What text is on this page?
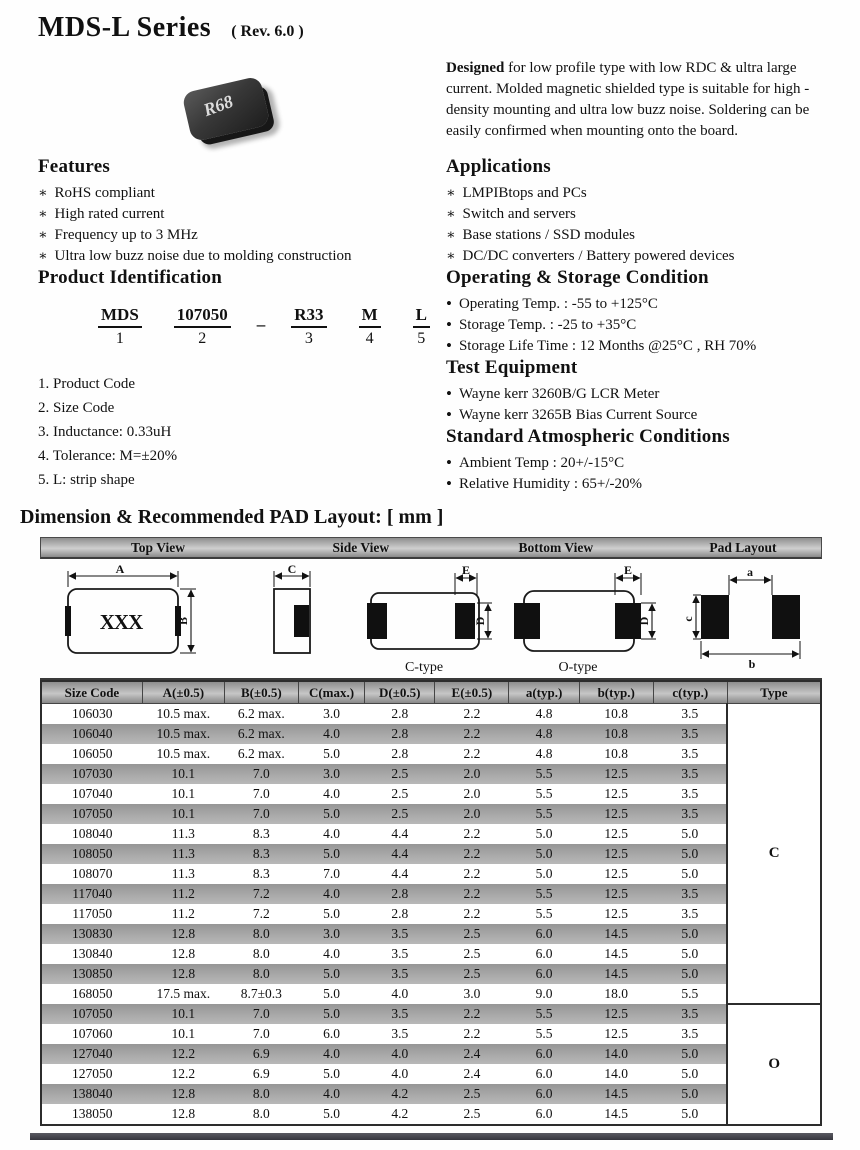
MDS-L Series ( Rev. 6.0 )
R68
Features
∗ RoHS compliant
∗ High rated current
∗ Frequency up to 3 MHz
∗ Ultra low buzz noise due to molding construction
Product Identification
MDS
1
107050
2
_ R33
3
M
4
L
5
1. Product Code
2. Size Code
3. Inductance: 0.33uH
4. Tolerance: M=±20%
5. L: strip shape

Designed for low profile type with low RDC & ultra large current. Molded magnetic shielded type is suitable for high -density mounting and ultra low buzz noise. Soldering can be easily confirmed when mounting onto the board.

Applications
∗ LMPIBtops and PCs
∗ Switch and servers
∗ Base stations / SSD modules
∗ DC/DC converters / Battery powered devices
Operating & Storage Condition
• Operating Temp. : -55 to +125°C
• Storage Temp. : -25 to +35°C
• Storage Life Time : 12 Months @25°C , RH 70%
Test Equipment
• Wayne kerr 3260B/G LCR Meter
• Wayne kerr 3265B Bias Current Source
Standard Atmospheric Conditions
• Ambient Temp : 20+/-15°C
• Relative Humidity : 65+/-20%
Dimension & Recommended PAD Layout: [ mm ]
Top View	Side View	Bottom View	Pad Layout
A
XXX	B
C	E
D
C-type
E
D
O-type
a
c
b
Size Code	A(±0.5)	B(±0.5)	C(max.)	D(±0.5)	E(±0.5)	a(typ.)	b(typ.)	c(typ.)	Type
106030	10.5 max.	6.2 max.	3.0	2.8	2.2	4.8	10.8	3.5	C
106040	10.5 max.	6.2 max.	4.0	2.8	2.2	4.8	10.8	3.5	
106050	10.5 max.	6.2 max.	5.0	2.8	2.2	4.8	10.8	3.5	
107030	10.1	7.0	3.0	2.5	2.0	5.5	12.5	3.5	
107040	10.1	7.0	4.0	2.5	2.0	5.5	12.5	3.5	
107050	10.1	7.0	5.0	2.5	2.0	5.5	12.5	3.5	
108040	11.3	8.3	4.0	4.4	2.2	5.0	12.5	5.0	
108050	11.3	8.3	5.0	4.4	2.2	5.0	12.5	5.0	
108070	11.3	8.3	7.0	4.4	2.2	5.0	12.5	5.0	
117040	11.2	7.2	4.0	2.8	2.2	5.5	12.5	3.5	
117050	11.2	7.2	5.0	2.8	2.2	5.5	12.5	3.5	
130830	12.8	8.0	3.0	3.5	2.5	6.0	14.5	5.0	
130840	12.8	8.0	4.0	3.5	2.5	6.0	14.5	5.0	
130850	12.8	8.0	5.0	3.5	2.5	6.0	14.5	5.0	
168050	17.5 max.	8.7±0.3	5.0	4.0	3.0	9.0	18.0	5.5	
107050	10.1	7.0	5.0	3.5	2.2	5.5	12.5	3.5	O
107060	10.1	7.0	6.0	3.5	2.2	5.5	12.5	3.5	
127040	12.2	6.9	4.0	4.0	2.4	6.0	14.0	5.0	
127050	12.2	6.9	5.0	4.0	2.4	6.0	14.0	5.0	
138040	12.8	8.0	4.0	4.2	2.5	6.0	14.5	5.0	
138050	12.8	8.0	5.0	4.2	2.5	6.0	14.5	5.0	
